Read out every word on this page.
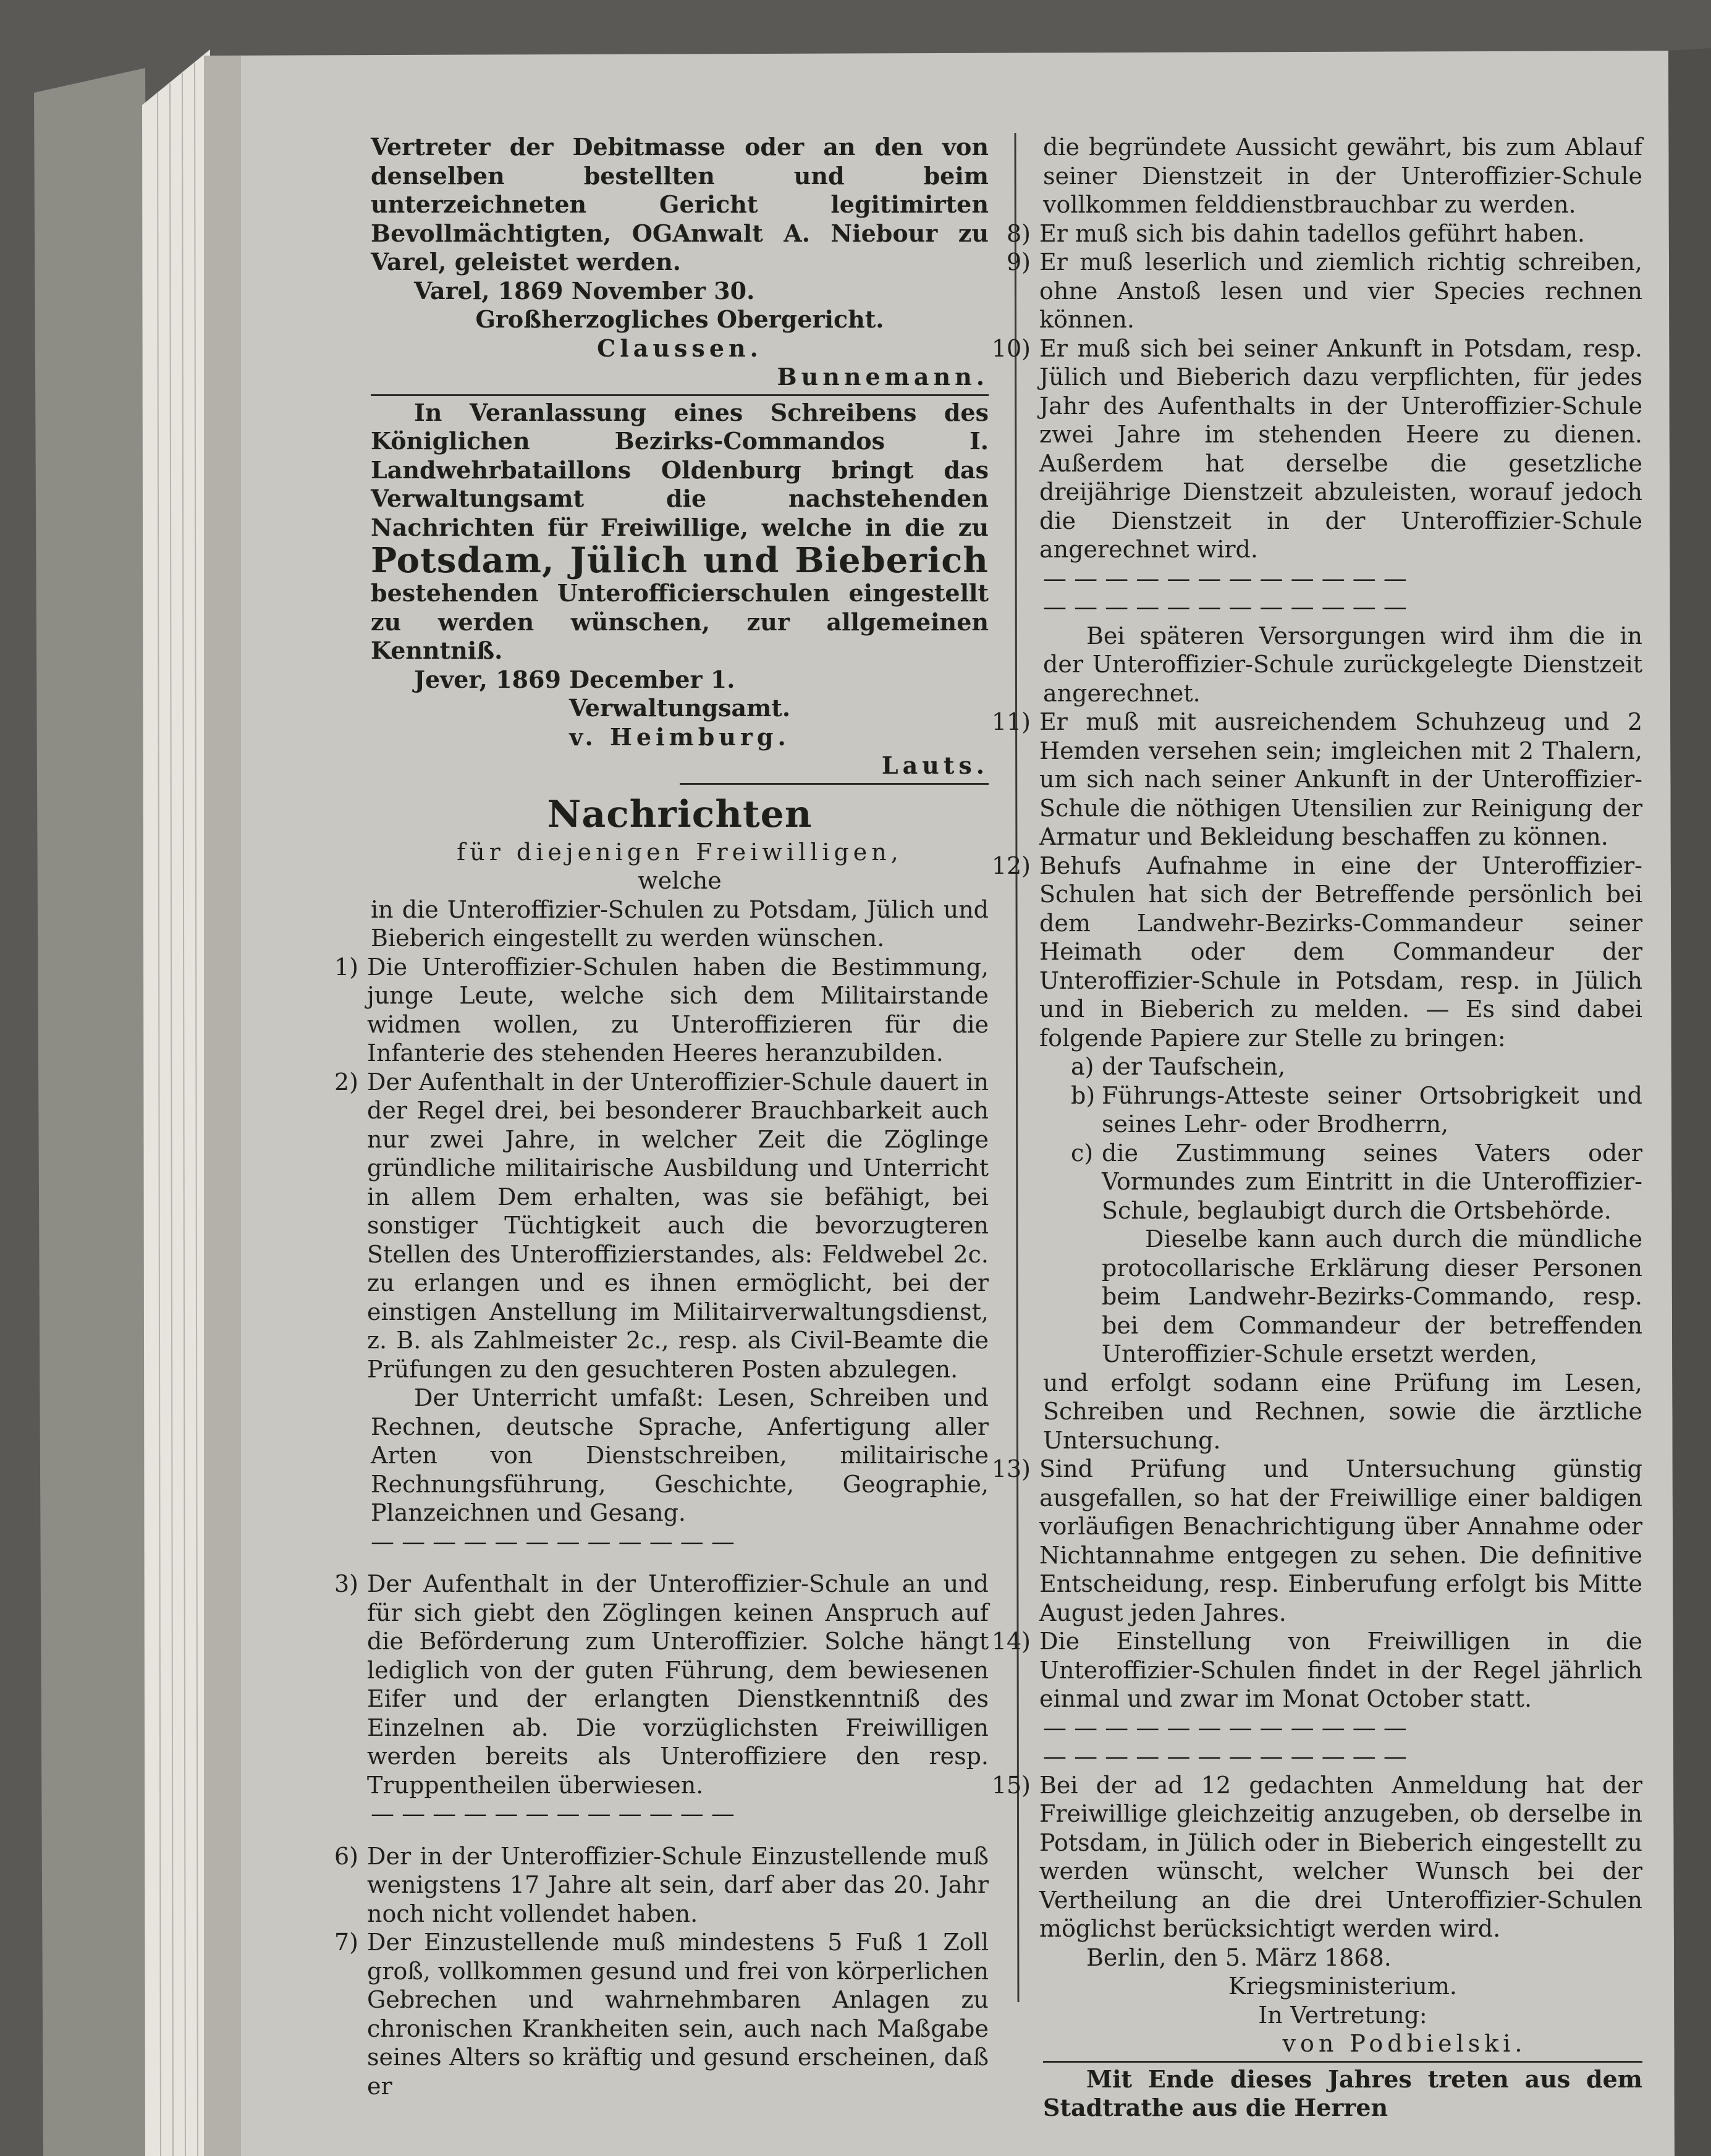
Vertreter der Debitmasse oder an den von denselben bestellten und beim unterzeichneten Gericht legitimirten Bevollmächtigten, OGAnwalt A. Niebour zu Varel, geleistet werden.

Varel, 1869 November 30.

Großherzogliches Obergericht.

Claussen.

Bunnemann.

In Veranlassung eines Schreibens des Königlichen Bezirks-Commandos I. Landwehrbataillons Oldenburg bringt das Verwaltungsamt die nachstehenden Nachrichten für Freiwillige, welche in die zu Potsdam, Jülich und Bieberich bestehenden Unterofficierschulen eingestellt zu werden wünschen, zur allgemeinen Kenntniß.

Jever, 1869 December 1.

Verwaltungsamt.

v. Heimburg.

Lauts.

Nachrichten

für diejenigen Freiwilligen,

welche

in die Unteroffizier-Schulen zu Potsdam, Jülich und Bieberich eingestellt zu werden wünschen.

1) Die Unteroffizier-Schulen haben die Bestimmung, junge Leute, welche sich dem Militairstande widmen wollen, zu Unteroffizieren für die Infanterie des stehenden Heeres heranzubilden.
2) Der Aufenthalt in der Unteroffizier-Schule dauert in der Regel drei, bei besonderer Brauchbarkeit auch nur zwei Jahre, in welcher Zeit die Zöglinge gründliche militairische Ausbildung und Unterricht in allem Dem erhalten, was sie befähigt, bei sonstiger Tüchtigkeit auch die bevorzugteren Stellen des Unteroffizierstandes, als: Feldwebel 2c. zu erlangen und es ihnen ermöglicht, bei der einstigen Anstellung im Militairverwaltungsdienst, z. B. als Zahlmeister 2c., resp. als Civil-Beamte die Prüfungen zu den gesuchteren Posten abzulegen.

Der Unterricht umfaßt: Lesen, Schreiben und Rechnen, deutsche Sprache, Anfertigung aller Arten von Dienstschreiben, militairische Rechnungsführung, Geschichte, Geographie, Planzeichnen und Gesang.

— — — — — — — — — — — —

3) Der Aufenthalt in der Unteroffizier-Schule an und für sich giebt den Zöglingen keinen Anspruch auf die Beförderung zum Unteroffizier. Solche hängt lediglich von der guten Führung, dem bewiesenen Eifer und der erlangten Dienstkenntniß des Einzelnen ab. Die vorzüglichsten Freiwilligen werden bereits als Unteroffiziere den resp. Truppentheilen überwiesen.

— — — — — — — — — — — —

6) Der in der Unteroffizier-Schule Einzustellende muß wenigstens 17 Jahre alt sein, darf aber das 20. Jahr noch nicht vollendet haben.
7) Der Einzustellende muß mindestens 5 Fuß 1 Zoll groß, vollkommen gesund und frei von körperlichen Gebrechen und wahrnehmbaren Anlagen zu chronischen Krankheiten sein, auch nach Maßgabe seines Alters so kräftig und gesund erscheinen, daß er

die begründete Aussicht gewährt, bis zum Ablauf seiner Dienstzeit in der Unteroffizier-Schule vollkommen felddienstbrauchbar zu werden.

8) Er muß sich bis dahin tadellos geführt haben.
9) Er muß leserlich und ziemlich richtig schreiben, ohne Anstoß lesen und vier Species rechnen können.
10) Er muß sich bei seiner Ankunft in Potsdam, resp. Jülich und Bieberich dazu verpflichten, für jedes Jahr des Aufenthalts in der Unteroffizier-Schule zwei Jahre im stehenden Heere zu dienen. Außerdem hat derselbe die gesetzliche dreijährige Dienstzeit abzuleisten, worauf jedoch die Dienstzeit in der Unteroffizier-Schule angerechnet wird.

— — — — — — — — — — — —

— — — — — — — — — — — —

Bei späteren Versorgungen wird ihm die in der Unteroffizier-Schule zurückgelegte Dienstzeit angerechnet.

11) Er muß mit ausreichendem Schuhzeug und 2 Hemden versehen sein; imgleichen mit 2 Thalern, um sich nach seiner Ankunft in der Unteroffizier-Schule die nöthigen Utensilien zur Reinigung der Armatur und Bekleidung beschaffen zu können.
12) Behufs Aufnahme in eine der Unteroffizier-Schulen hat sich der Betreffende persönlich bei dem Landwehr-Bezirks-Commandeur seiner Heimath oder dem Commandeur der Unteroffizier-Schule in Potsdam, resp. in Jülich und in Bieberich zu melden. — Es sind dabei folgende Papiere zur Stelle zu bringen:
a) der Taufschein,
b) Führungs-Atteste seiner Ortsobrigkeit und seines Lehr- oder Brodherrn,
c) die Zustimmung seines Vaters oder Vormundes zum Eintritt in die Unteroffizier-Schule, beglaubigt durch die Ortsbehörde.

Dieselbe kann auch durch die mündliche protocollarische Erklärung dieser Personen beim Landwehr-Bezirks-Commando, resp. bei dem Commandeur der betreffenden Unteroffizier-Schule ersetzt werden,

und erfolgt sodann eine Prüfung im Lesen, Schreiben und Rechnen, sowie die ärztliche Untersuchung.

13) Sind Prüfung und Untersuchung günstig ausgefallen, so hat der Freiwillige einer baldigen vorläufigen Benachrichtigung über Annahme oder Nichtannahme entgegen zu sehen. Die definitive Entscheidung, resp. Einberufung erfolgt bis Mitte August jeden Jahres.
14) Die Einstellung von Freiwilligen in die Unteroffizier-Schulen findet in der Regel jährlich einmal und zwar im Monat October statt.

— — — — — — — — — — — —

— — — — — — — — — — — —

15) Bei der ad 12 gedachten Anmeldung hat der Freiwillige gleichzeitig anzugeben, ob derselbe in Potsdam, in Jülich oder in Bieberich eingestellt zu werden wünscht, welcher Wunsch bei der Vertheilung an die drei Unteroffizier-Schulen möglichst berücksichtigt werden wird.

Berlin, den 5. März 1868.

Kriegsministerium.

In Vertretung:

von Podbielski.

Mit Ende dieses Jahres treten aus dem Stadtrathe aus die Herren
